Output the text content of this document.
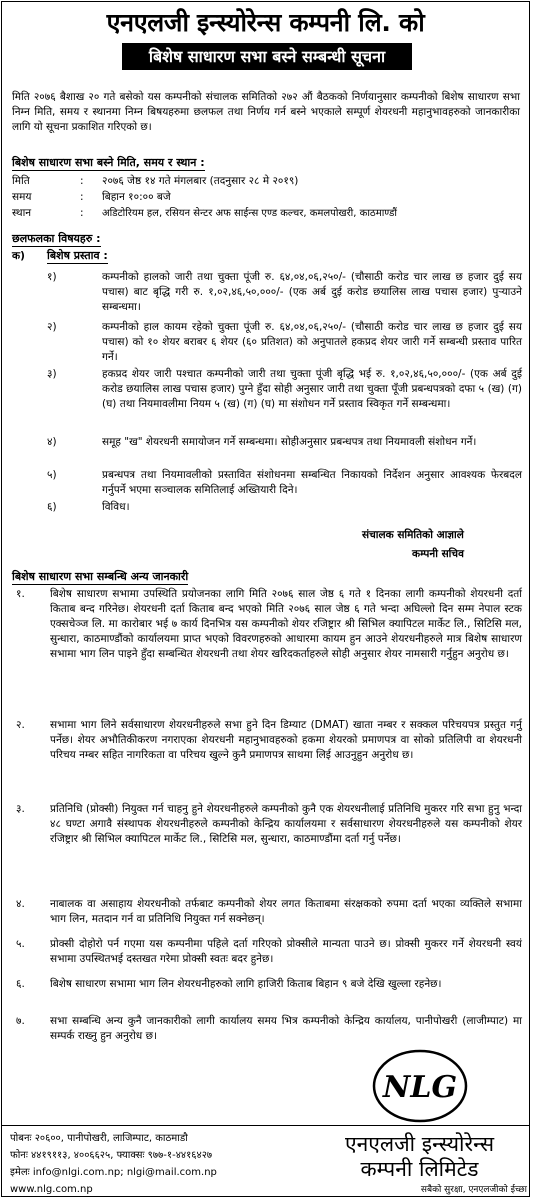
एनएलजी इन्स्योरेन्स कम्पनी लि. को
बिशेष साधारण सभा बस्ने सम्बन्धी सूचना
मिति २०७६ बैशाख २० गते बसेको यस कम्पनीको संचालक समितिको २७२ औं बैठकको निर्णयानुसार कम्पनीको बिशेष साधारण सभा निम्न मिति, समय र स्थानमा निम्न बिषयहरुमा छलफल तथा निर्णय गर्न बस्ने भएकाले सम्पूर्ण शेयरधनी महानुभावहरुको जानकारीका लागि यो सूचना प्रकाशित गरिएको छ।
बिशेष साधारण सभा बस्ने मिति, समय र स्थान :
मिति	: २०७६ जेष्ठ १४ गते मंगलबार (तदनुसार २८ मे २०१९)
समय	: बिहान १०:०० बजे
स्थान	: अडिटोरियम हल, रसियन सेन्टर अफ साईन्स एण्ड कल्चर, कमलपोखरी, काठमाण्डौं
छलफलका विषयहरु :
क) बिशेष प्रस्ताव :
१)	कम्पनीको हालको जारी तथा चुक्ता पूंजी रु. ६४,०४,०६,२५०/- (चौसाठी करोड चार लाख छ हजार दुई सय पचास) बाट बृद्धि गरी रु. १,०२,४६,५०,०००/- (एक अर्ब दुई करोड छयालिस लाख पचास हजार) पुऱ्याउने सम्बन्धमा।
२)	कम्पनीको हाल कायम रहेको चुक्ता पूंजी रु. ६४,०४,०६,२५०/- (चौसाठी करोड चार लाख छ हजार दुई सय पचास) को १० शेयर बराबर ६ शेयर (६० प्रतिशत) को अनुपातले हकप्रद शेयर जारी गर्ने सम्बन्धी प्रस्ताव पारित गर्ने।
३)	हकप्रद शेयर जारी पश्चात कम्पनीको जारी तथा चुक्ता पूंजी बृद्धि भई रु. १,०२,४६,५०,०००/- (एक अर्ब दुई करोड छयालिस लाख पचास हजार) पुग्ने हुँदा सोही अनुसार जारी तथा चुक्ता पूँजी प्रबन्धपत्रको दफा ५ (ख) (ग) (घ) तथा नियमावलीमा नियम ५ (ख) (ग) (घ) मा संशोधन गर्ने प्रस्ताव स्विकृत गर्ने सम्बन्धमा।
४)	समूह "ख" शेयरधनी समायोजन गर्ने सम्बन्धमा। सोहीअनुसार प्रबन्धपत्र तथा नियमावली संशोधन गर्ने।
५)	प्रबन्धपत्र तथा नियमावलीको प्रस्तावित संशोधनमा सम्बन्धित निकायको निर्देशन अनुसार आवश्यक फेरबदल गर्नुपर्ने भएमा सञ्चालक समितिलाई अख्तियारी दिने।
६)	विविध।
संचालक समितिको आज्ञाले
कम्पनी सचिव
बिशेष साधारण सभा सम्बन्धि अन्य जानकारी
१. बिशेष साधारण सभामा उपस्थिति प्रयोजनका लागि मिति २०७६ साल जेष्ठ ६ गते १ दिनका लागी कम्पनीको शेयरधनी दर्ता किताब बन्द गरिनेछ। शेयरधनी दर्ता किताब बन्द भएको मिति २०७६ साल जेष्ठ ६ गते भन्दा अघिल्लो दिन सम्म नेपाल स्टक एक्सचेञ्ज लि. मा कारोबार भई ७ कार्य दिनभित्र यस कम्पनीको शेयर रजिष्ट्रार श्री सिभिल क्यापिटल मार्केट लि., सिटिसि मल, सुन्धारा, काठमाण्डौंको कार्यालयमा प्राप्त भएको विवरणहरुको आधारमा कायम हुन आउने शेयरधनीहरुले मात्र बिशेष साधारण सभामा भाग लिन पाइने हुँदा सम्बन्धित शेयरधनी तथा शेयर खरिदकर्ताहरुले सोही अनुसार शेयर नामसारी गर्नुहुन अनुरोध छ।
२. सभामा भाग लिने सर्वसाधारण शेयरधनीहरुले सभा हुने दिन डिम्याट (DMAT) खाता नम्बर र सक्कल परिचयपत्र प्रस्तुत गर्नु पर्नेछ। शेयर अभौतिकीकरण नगराएका शेयरधनी महानुभावहरुको हकमा शेयरको प्रमाणपत्र वा सोको प्रतिलिपी वा शेयरधनी परिचय नम्बर सहित नागरिकता वा परिचय खुल्ने कुनै प्रमाणपत्र साथमा लिई आउनुहुन अनुरोध छ।
३. प्रतिनिधि (प्रोक्सी) नियुक्त गर्न चाहनु हुने शेयरधनीहरुले कम्पनीको कुनै एक शेयरधनीलाई प्रतिनिधि मुकरर गरि सभा हुनु भन्दा ४८ घण्टा अगावै संस्थापक शेयरधनीहरुले कम्पनीको केन्द्रिय कार्यालयमा र सर्वसाधारण शेयरधनीहरुले यस कम्पनीको शेयर रजिष्ट्रार श्री सिभिल क्यापिटल मार्केट लि., सिटिसि मल, सुन्धारा, काठमाण्डौंमा दर्ता गर्नु पर्नेछ।
४. नाबालक वा असाहाय शेयरधनीको तर्फबाट कम्पनीको शेयर लगत किताबमा संरक्षकको रुपमा दर्ता भएका व्यक्तिले सभामा भाग लिन, मतदान गर्न वा प्रतिनिधि नियुक्त गर्न सक्नेछन्।
५. प्रोक्सी दोहोरो पर्न गएमा यस कम्पनीमा पहिले दर्ता गरिएको प्रोक्सीले मान्यता पाउने छ। प्रोक्सी मुकरर गर्ने शेयरधनी स्वयं सभामा उपस्थितभई दस्तखत गरेमा प्रोक्सी स्वतः बदर हुनेछ।
६. बिशेष साधारण सभामा भाग लिन शेयरधनीहरुको लागि हाजिरी किताब बिहान ९ बजे देखि खुल्ला रहनेछ।
७. सभा सम्बन्धि अन्य कुनै जानकारीको लागी कार्यालय समय भित्र कम्पनीको केन्द्रिय कार्यालय, पानीपोखरी (लाजीम्पाट) मा सम्पर्क राख्नु हुन अनुरोध छ।
NLG
पोबनः २०६००, पानीपोखरी, लाजिम्पाट, काठमाडौ
फोनः ४४१९११३, ४००६६२५, फ्याक्सः ९७७-१-४४१६४२७
इमेलः info@nlgi.com.np; nlgi@mail.com.np
www.nlg.com.np
एनएलजी इन्स्योरेन्स
कम्पनी लिमिटेड
सबैको सुरक्षा, एनएलजीको ईच्छा
